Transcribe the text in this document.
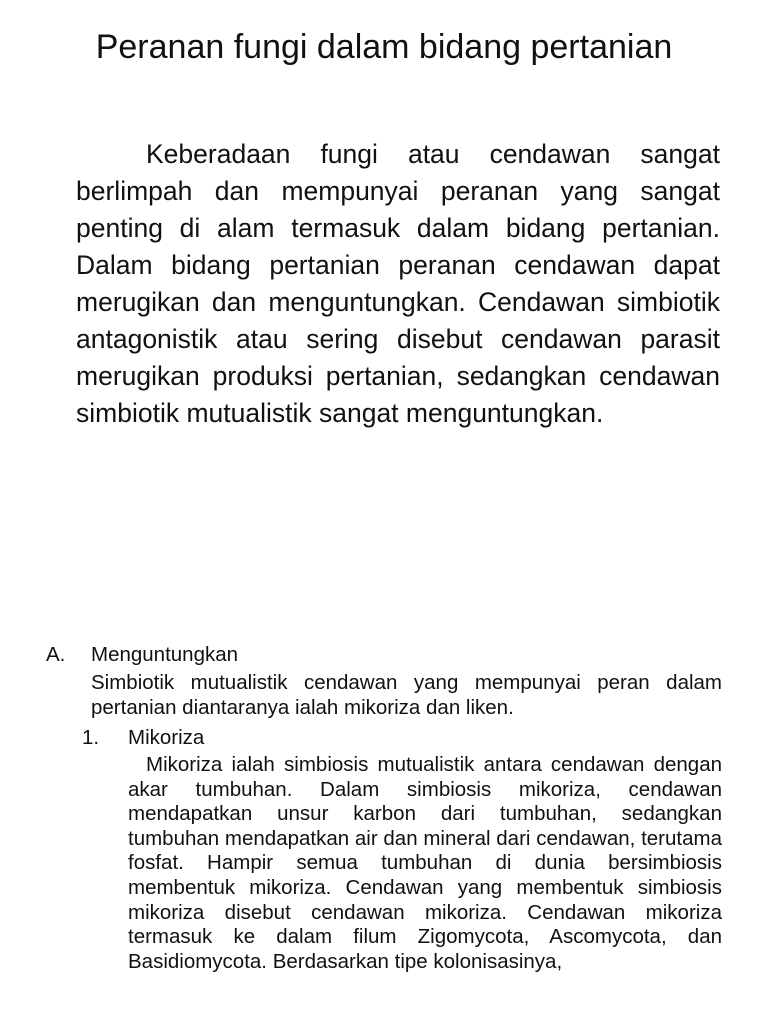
Peranan fungi dalam bidang pertanian

Keberadaan fungi atau cendawan sangat berlimpah dan mempunyai peranan yang sangat penting di alam termasuk dalam bidang pertanian. Dalam bidang pertanian peranan cendawan dapat merugikan dan menguntungkan. Cendawan simbiotik antagonistik atau sering disebut cendawan parasit merugikan produksi pertanian, sedangkan cendawan simbiotik mutualistik sangat menguntungkan.

A.	Menguntungkan
Simbiotik mutualistik cendawan yang mempunyai peran dalam pertanian diantaranya ialah mikoriza dan liken.
1.	Mikoriza
Mikoriza ialah simbiosis mutualistik antara cendawan dengan akar tumbuhan. Dalam simbiosis mikoriza, cendawan mendapatkan unsur karbon dari tumbuhan, sedangkan tumbuhan mendapatkan air dan mineral dari cendawan, terutama fosfat. Hampir semua tumbuhan di dunia bersimbiosis membentuk mikoriza. Cendawan yang membentuk simbiosis mikoriza disebut cendawan mikoriza. Cendawan mikoriza termasuk ke dalam filum Zigomycota, Ascomycota, dan Basidiomycota. Berdasarkan tipe kolonisasinya,
